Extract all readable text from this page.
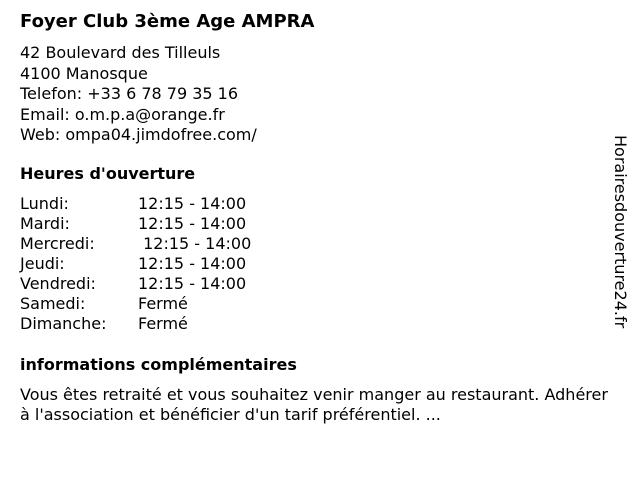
Foyer Club 3ème Age AMPRA
42 Boulevard des Tilleuls
4100 Manosque
Telefon: +33 6 78 79 35 16
Email: o.m.p.a@orange.fr
Web: ompa04.jimdofree.com/
Heures d'ouverture
Lundi:	12:15 - 14:00
Mardi:	12:15 - 14:00
Mercredi:	12:15 - 14:00
Jeudi:	12:15 - 14:00
Vendredi:	12:15 - 14:00
Samedi:	Fermé
Dimanche:	Fermé
informations complémentaires
Vous êtes retraité et vous souhaitez venir manger au restaurant. Adhérer à l'association et bénéficier d'un tarif préférentiel. ...
Horairesdouverture24.fr
